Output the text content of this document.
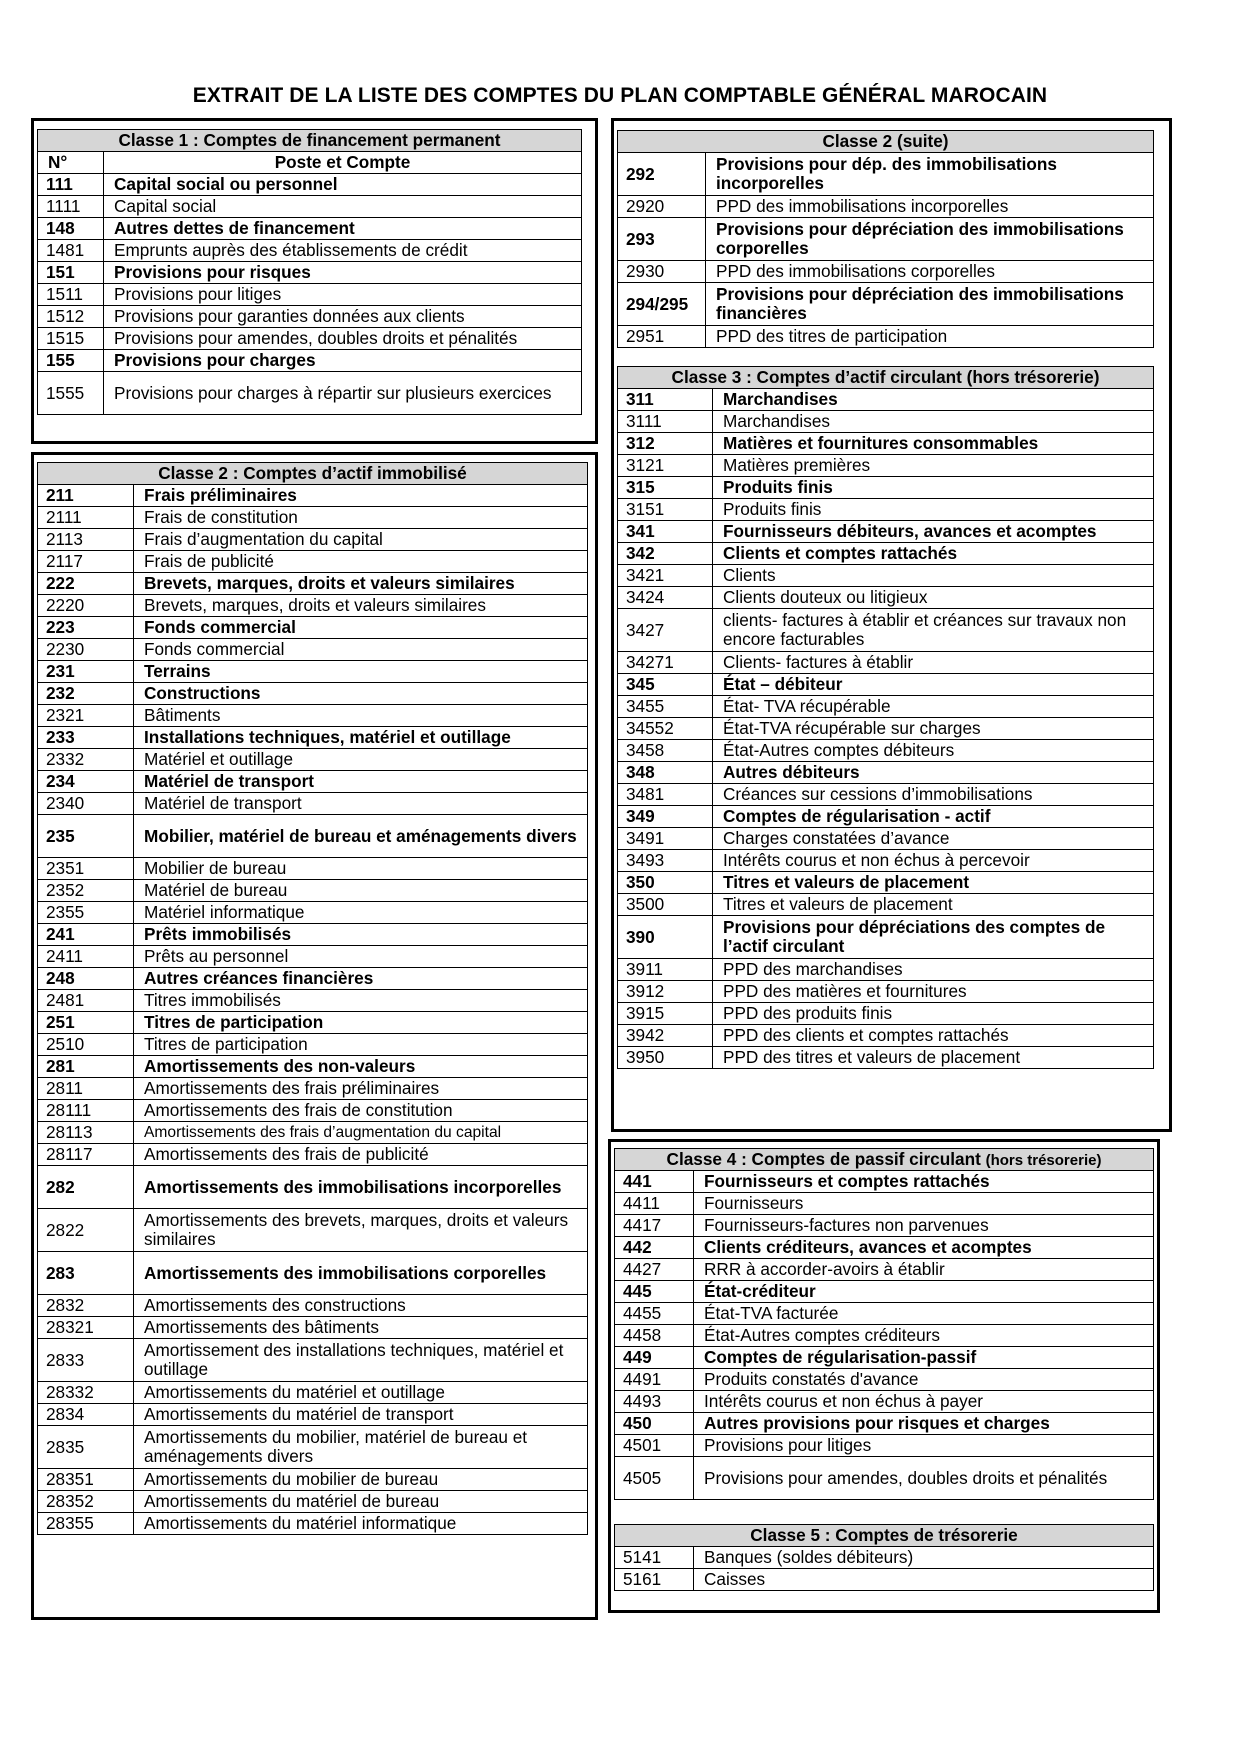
EXTRAIT DE LA LISTE DES COMPTES DU PLAN COMPTABLE GÉNÉRAL MAROCAIN
Classe 1 : Comptes de financement permanent	
N°	Poste et Compte
111	Capital social ou personnel
1111	Capital social
148	Autres dettes de financement
1481	Emprunts auprès des établissements de crédit
151	Provisions pour risques
1511	Provisions pour litiges
1512	Provisions pour garanties données aux clients
1515	Provisions pour amendes, doubles droits et pénalités
155	Provisions pour charges
1555	Provisions pour charges à répartir sur plusieurs exercices
Classe 2 : Comptes d’actif immobilisé	
211	Frais préliminaires
2111	Frais de constitution
2113	Frais d’augmentation du capital
2117	Frais de publicité
222	Brevets, marques, droits et valeurs similaires
2220	Brevets, marques, droits et valeurs similaires
223	Fonds commercial
2230	Fonds commercial
231	Terrains
232	Constructions
2321	Bâtiments
233	Installations techniques, matériel et outillage
2332	Matériel et outillage
234	Matériel de transport
2340	Matériel de transport
235	Mobilier, matériel de bureau et aménagements divers
2351	Mobilier de bureau
2352	Matériel de bureau
2355	Matériel informatique
241	Prêts immobilisés
2411	Prêts au personnel
248	Autres créances financières
2481	Titres immobilisés
251	Titres de participation
2510	Titres de participation
281	Amortissements des non-valeurs
2811	Amortissements des frais préliminaires
28111	Amortissements des frais de constitution
28113	Amortissements des frais d’augmentation du capital
28117	Amortissements des frais de publicité
282	Amortissements des immobilisations incorporelles
2822	Amortissements des brevets, marques, droits et valeurs similaires
283	Amortissements des immobilisations corporelles
2832	Amortissements des constructions
28321	Amortissements des bâtiments
2833	Amortissement des installations techniques, matériel et outillage
28332	Amortissements du matériel et outillage
2834	Amortissements du matériel de transport
2835	Amortissements du mobilier, matériel de bureau et aménagements divers
28351	Amortissements du mobilier de bureau
28352	Amortissements du matériel de bureau
28355	Amortissements du matériel informatique
Classe 2 (suite)	
292	Provisions pour dép. des immobilisations incorporelles
2920	PPD des immobilisations incorporelles
293	Provisions pour dépréciation des immobilisations corporelles
2930	PPD des immobilisations corporelles
294/295	Provisions pour dépréciation des immobilisations financières
2951	PPD des titres de participation
Classe 3 : Comptes d’actif circulant (hors trésorerie)	
311	Marchandises
3111	Marchandises
312	Matières et fournitures consommables
3121	Matières premières
315	Produits finis
3151	Produits finis
341	Fournisseurs débiteurs, avances et acomptes
342	Clients et comptes rattachés
3421	Clients
3424	Clients douteux ou litigieux
3427	clients- factures à établir et créances sur travaux non encore facturables
34271	Clients- factures à établir
345	État – débiteur
3455	État- TVA récupérable
34552	État-TVA récupérable sur charges
3458	État-Autres comptes débiteurs
348	Autres débiteurs
3481	Créances sur cessions d’immobilisations
349	Comptes de régularisation - actif
3491	Charges constatées d’avance
3493	Intérêts courus et non échus à percevoir
350	Titres et valeurs de placement
3500	Titres et valeurs de placement
390	Provisions pour dépréciations des comptes de l’actif circulant
3911	PPD des marchandises
3912	PPD des matières et fournitures
3915	PPD des produits finis
3942	PPD des clients et comptes rattachés
3950	PPD des titres et valeurs de placement
Classe 4 : Comptes de passif circulant (hors trésorerie)	
441	Fournisseurs et comptes rattachés
4411	Fournisseurs
4417	Fournisseurs-factures non parvenues
442	Clients créditeurs, avances et acomptes
4427	RRR à accorder-avoirs à établir
445	État-créditeur
4455	État-TVA facturée
4458	État-Autres comptes créditeurs
449	Comptes de régularisation-passif
4491	Produits constatés d'avance
4493	Intérêts courus et non échus à payer
450	Autres provisions pour risques et charges
4501	Provisions pour litiges
4505	Provisions pour amendes, doubles droits et pénalités
Classe 5 : Comptes de trésorerie	
5141	Banques (soldes débiteurs)
5161	Caisses
